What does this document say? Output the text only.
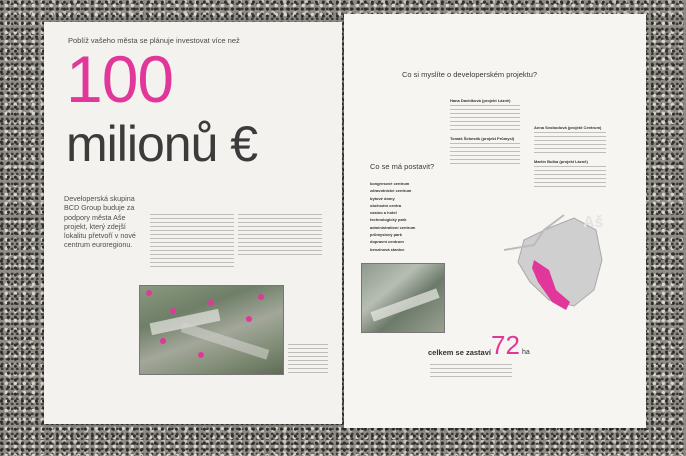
Poblíž vašeho města se plánuje investovat více než
100
milionů €
Developerská skupina
BCD Group buduje za
podpory města Aše
projekt, který zdejší
lokalitu přetvoří v nové
centrum euroregionu.
Co si myslíte o developerském projektu?
Hana Davidková (projekt Lázně)
Tomáš Šebestík (projekt Průmysl)
Anna Svobodová (projekt Centrum)
Martin Bulba (projekt Lázně)
Co se má postavit?
kongresové centrum
zdravotnické centrum
bytové domy
obchodní centra
casino a hotel
technologický park
administrativní centrum
průmyslový park
dopravní centrum
benzínová stanice
Aš
celkem se zastaví 72 ha
